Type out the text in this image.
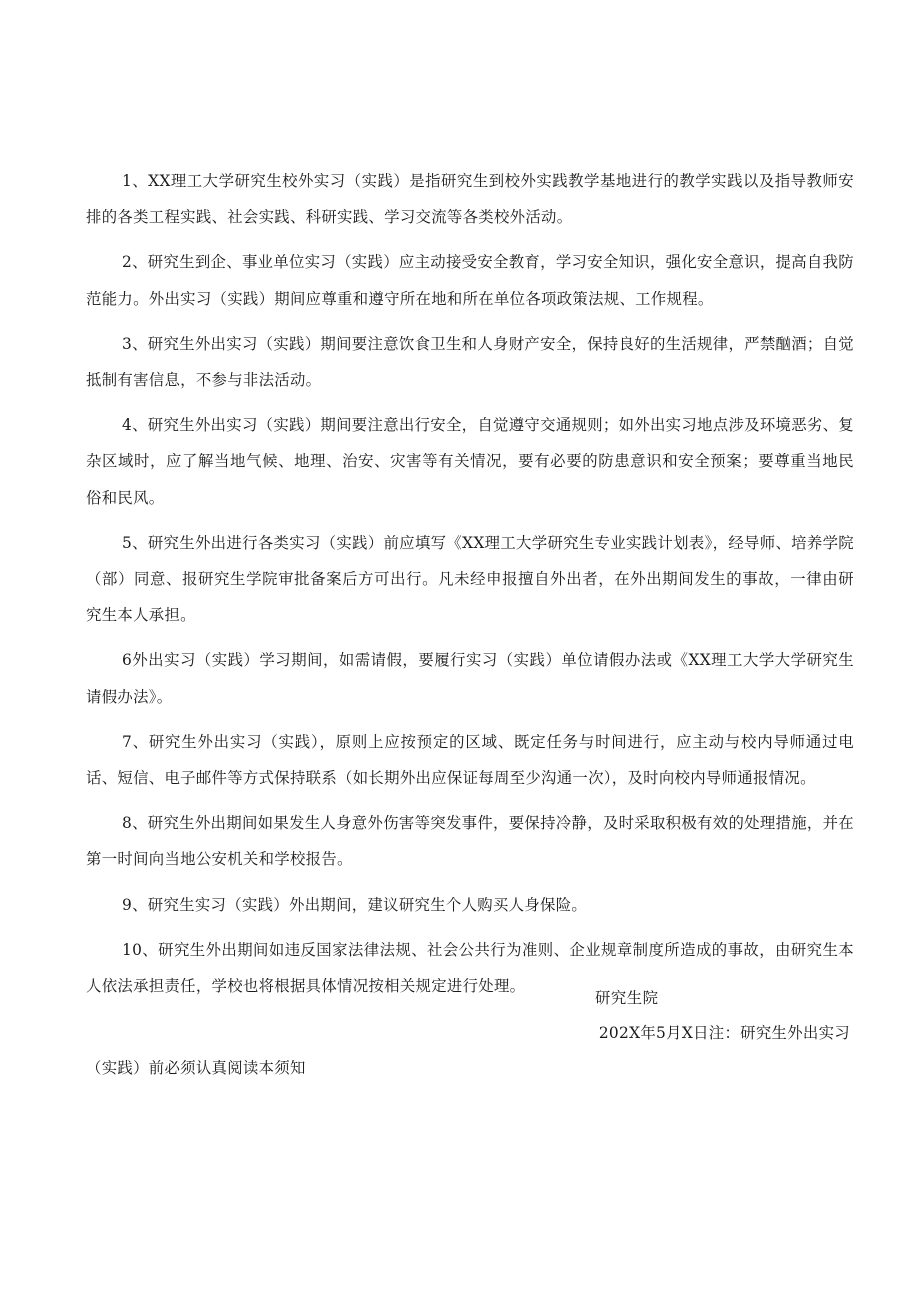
1、XX理工大学研究生校外实习（实践）是指研究生到校外实践教学基地进行的教学实践以及指导教师安排的各类工程实践、社会实践、科研实践、学习交流等各类校外活动。

2、研究生到企、事业单位实习（实践）应主动接受安全教育，学习安全知识，强化安全意识，提高自我防范能力。外出实习（实践）期间应尊重和遵守所在地和所在单位各项政策法规、工作规程。

3、研究生外出实习（实践）期间要注意饮食卫生和人身财产安全，保持良好的生活规律，严禁酗酒；自觉抵制有害信息，不参与非法活动。

4、研究生外出实习（实践）期间要注意出行安全，自觉遵守交通规则；如外出实习地点涉及环境恶劣、复杂区域时，应了解当地气候、地理、治安、灾害等有关情况，要有必要的防患意识和安全预案；要尊重当地民俗和民风。

5、研究生外出进行各类实习（实践）前应填写《XX理工大学研究生专业实践计划表》，经导师、培养学院（部）同意、报研究生学院审批备案后方可出行。凡未经申报擅自外出者，在外出期间发生的事故，一律由研究生本人承担。

6外出实习（实践）学习期间，如需请假，要履行实习（实践）单位请假办法或《XX理工大学大学研究生请假办法》。

7、研究生外出实习（实践），原则上应按预定的区域、既定任务与时间进行，应主动与校内导师通过电话、短信、电子邮件等方式保持联系（如长期外出应保证每周至少沟通一次），及时向校内导师通报情况。

8、研究生外出期间如果发生人身意外伤害等突发事件，要保持冷静，及时采取积极有效的处理措施，并在第一时间向当地公安机关和学校报告。

9、研究生实习（实践）外出期间，建议研究生个人购买人身保险。

10、研究生外出期间如违反国家法律法规、社会公共行为准则、企业规章制度所造成的事故，由研究生本人依法承担责任，学校也将根据具体情况按相关规定进行处理。

研究生院
202X年5月X日注：研究生外出实习
（实践）前必须认真阅读本须知
